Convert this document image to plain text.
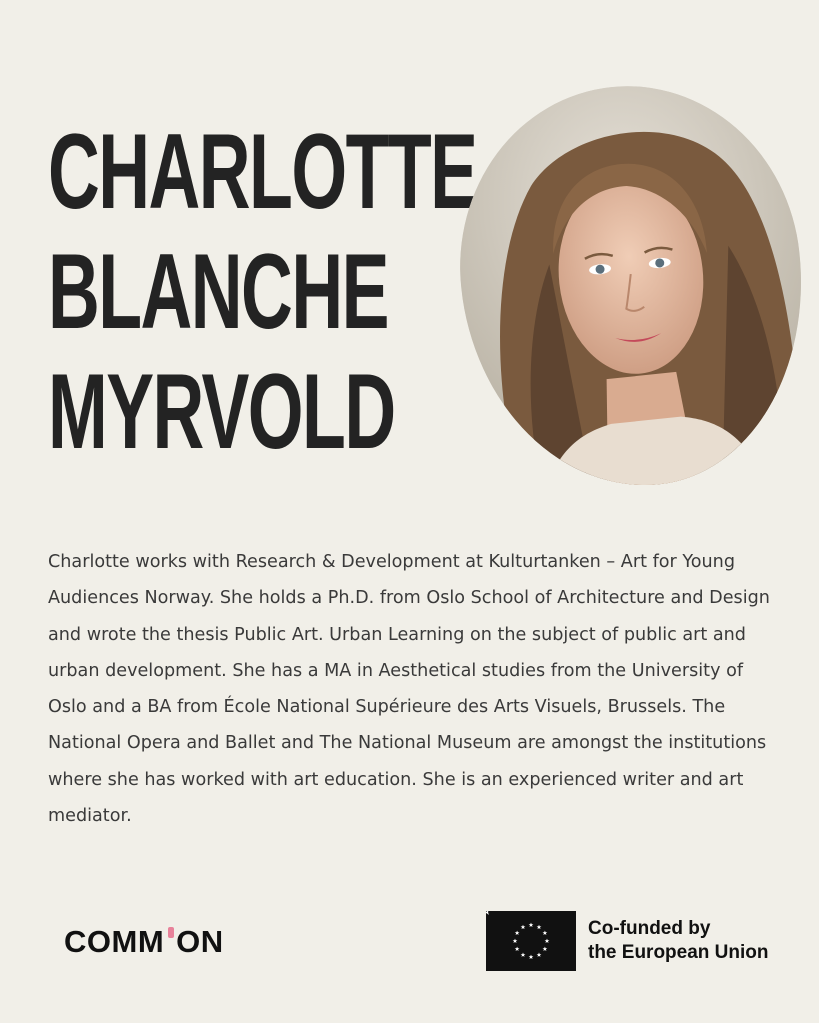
CHARLOTTE
BLANCHE
MYRVOLD

Charlotte works with Research & Development at Kulturtanken – Art for Young Audiences Norway. She holds a Ph.D. from Oslo School of Architecture and Design and wrote the thesis Public Art. Urban Learning on the subject of public art and urban development. She has a MA in Aesthetical studies from the University of Oslo and a BA from École National Supérieure des Arts Visuels, Brussels. The National Opera and Ballet and The National Museum are amongst the institutions where she has worked with art education. She is an experienced writer and art mediator.

COMM ON	Co-funded by
the European Union
